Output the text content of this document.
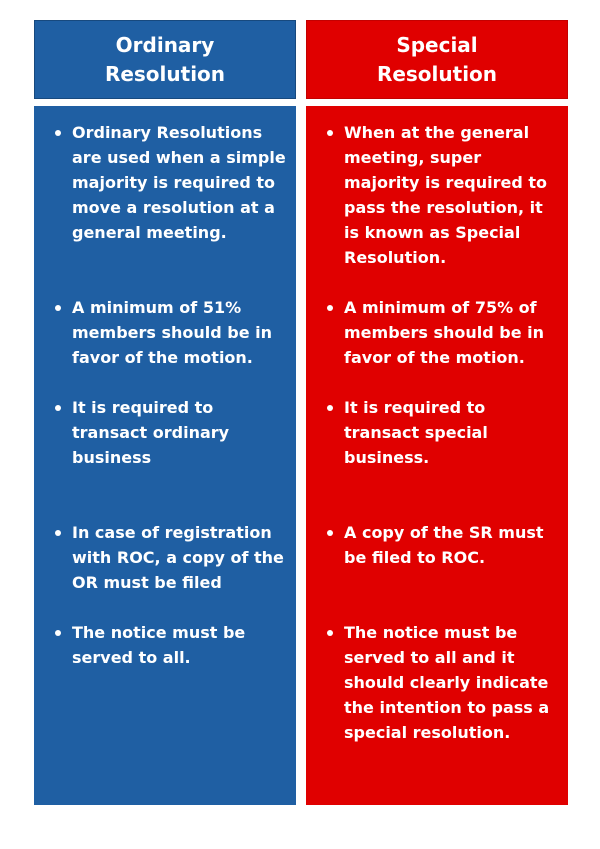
Ordinary
Resolution
Special
Resolution
Ordinary Resolutions are used when a simple majority is required to move a resolution at a general meeting.
A minimum of 51% members should be in favor of the motion.
It is required to transact ordinary business
In case of registration with ROC, a copy of the OR must be filed
The notice must be served to all.
When at the general meeting, super majority is required to pass the resolution, it is known as Special Resolution.
A minimum of 75% of members should be in favor of the motion.
It is required to transact special business.
A copy of the SR must be filed to ROC.
The notice must be served to all and it should clearly indicate the intention to pass a special resolution.
